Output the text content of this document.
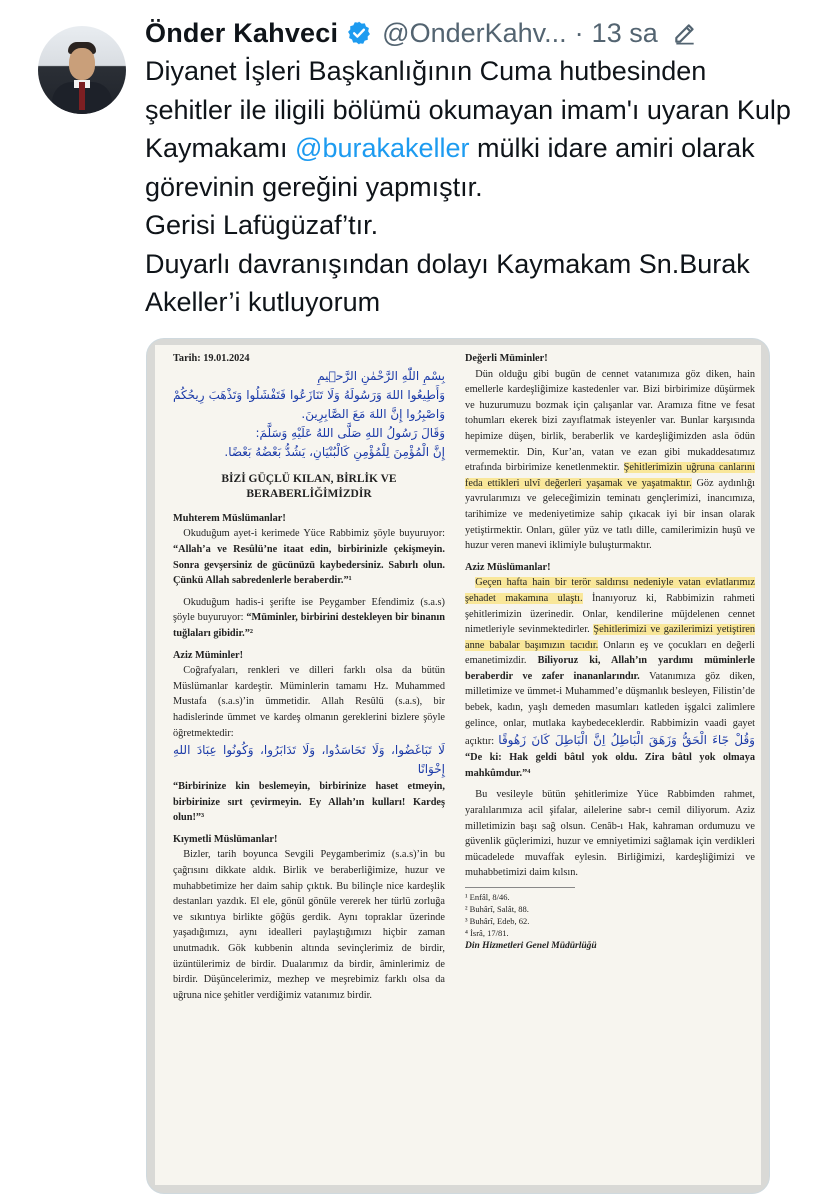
Önder Kahveci @OnderKahv... · 13 sa

Diyanet İşleri Başkanlığının Cuma hutbesinden şehitler ile iligili bölümü okumayan imam'ı uyaran Kulp Kaymakamı @burakakeller mülki idare amiri olarak görevinin gereğini yapmıştır.

Gerisi Lafügüzaf’tır.

Duyarlı davranışından dolayı Kaymakam Sn.Burak Akeller’i kutluyorum

Tarih: 19.01.2024

بِسْمِ اللّٰهِ الرَّحْمٰنِ الرَّح۪يمِ

وَأَطِيعُوا اللهَ وَرَسُولَهُ وَلَا تَنَازَعُوا فَتَفْشَلُوا وَتَذْهَبَ رِيحُكُمْ وَاصْبِرُوا إِنَّ اللهَ مَعَ الصَّابِرِينَ.

وَقَالَ رَسُولُ اللهِ صَلَّى اللهُ عَلَيْهِ وَسَلَّمَ:

إِنَّ الْمُؤْمِنَ لِلْمُؤْمِنِ كَالْبُنْيَانِ، يَشُدُّ بَعْضُهُ بَعْضًا.

BİZİ GÜÇLÜ KILAN, BİRLİK VE BERABERLİĞİMİZDİR

Muhterem Müslümanlar!

 Okuduğum ayet-i kerimede Yüce Rabbimiz şöyle buyuruyor: “Allah’a ve Resûlü’ne itaat edin, birbirinizle çekişmeyin. Sonra gevşersiniz de gücünüzü kaybedersiniz. Sabırlı olun. Çünkü Allah sabredenlerle beraberdir.”¹

 Okuduğum hadis-i şerifte ise Peygamber Efendimiz (s.a.s) şöyle buyuruyor: “Müminler, birbirini destekleyen bir binanın tuğlaları gibidir.”²

Aziz Müminler!

 Coğrafyaları, renkleri ve dilleri farklı olsa da bütün Müslümanlar kardeştir. Müminlerin tamamı Hz. Muhammed Mustafa (s.a.s)’in ümmetidir. Allah Resûlü (s.a.s), bir hadislerinde ümmet ve kardeş olmanın gereklerini bizlere şöyle öğretmektedir:

لَا تَبَاغَضُوا، وَلَا تَحَاسَدُوا، وَلَا تَدَابَرُوا، وَكُونُوا عِبَادَ اللهِ إِخْوَانًا

“Birbirinize kin beslemeyin, birbirinize haset etmeyin, birbirinize sırt çevirmeyin. Ey Allah’ın kulları! Kardeş olun!”³

Kıymetli Müslümanlar!

 Bizler, tarih boyunca Sevgili Peygamberimiz (s.a.s)’in bu çağrısını dikkate aldık. Birlik ve beraberliğimize, huzur ve muhabbetimize her daim sahip çıktık. Bu bilinçle nice kardeşlik destanları yazdık. El ele, gönül gönüle vererek her türlü zorluğa ve sıkıntıya birlikte göğüs gerdik. Aynı topraklar üzerinde yaşadığımızı, aynı idealleri paylaştığımızı hiçbir zaman unutmadık. Gök kubbenin altında sevinçlerimiz de birdir, üzüntülerimiz de birdir. Dualarımız da birdir, âminlerimiz de birdir. Düşüncelerimiz, mezhep ve meşrebimiz farklı olsa da uğruna nice şehitler verdiğimiz vatanımız birdir.

Değerli Müminler!

 Dün olduğu gibi bugün de cennet vatanımıza göz diken, hain emellerle kardeşliğimize kastedenler var. Bizi birbirimize düşürmek ve huzurumuzu bozmak için çalışanlar var. Aramıza fitne ve fesat tohumları ekerek bizi zayıflatmak isteyenler var. Bunlar karşısında hepimize düşen, birlik, beraberlik ve kardeşliğimizden asla ödün vermemektir. Din, Kur’an, vatan ve ezan gibi mukaddesatımız etrafında birbirimize kenetlenmektir. Şehitlerimizin uğruna canlarını feda ettikleri ulvî değerleri yaşamak ve yaşatmaktır. Göz aydınlığı yavrularımızı ve geleceğimizin teminatı gençlerimizi, inancımıza, tarihimize ve medeniyetimize sahip çıkacak iyi bir insan olarak yetiştirmektir. Onları, güler yüz ve tatlı dille, camilerimizin huşû ve huzur veren manevi iklimiyle buluşturmaktır.

Aziz Müslümanlar!

 Geçen hafta hain bir terör saldırısı nedeniyle vatan evlatlarımız şehadet makamına ulaştı. İnanıyoruz ki, Rabbimizin rahmeti şehitlerimizin üzerinedir. Onlar, kendilerine müjdelenen cennet nimetleriyle sevinmektedirler. Şehitlerimizi ve gazilerimizi yetiştiren anne babalar başımızın tacıdır. Onların eş ve çocukları en değerli emanetimizdir. Biliyoruz ki, Allah’ın yardımı müminlerle beraberdir ve zafer inananlarındır. Vatanımıza göz diken, milletimize ve ümmet-i Muhammed’e düşmanlık besleyen, Filistin’de bebek, kadın, yaşlı demeden masumları katleden işgalci zalimlere gelince, onlar, mutlaka kaybedeceklerdir. Rabbimizin vaadi gayet açıktır: وَقُلْ جَٓاءَ الْحَقُّ وَزَهَقَ الْبَاطِلُ اِنَّ الْبَاطِلَ كَانَ زَهُوقًا “De ki: Hak geldi bâtıl yok oldu. Zira bâtıl yok olmaya mahkûmdur.”⁴

 Bu vesileyle bütün şehitlerimize Yüce Rabbimden rahmet, yaralılarımıza acil şifalar, ailelerine sabr-ı cemil diliyorum. Aziz milletimizin başı sağ olsun. Cenâb-ı Hak, kahraman ordumuzu ve güvenlik güçlerimizi, huzur ve emniyetimizi sağlamak için verdikleri mücadelede muvaffak eylesin. Birliğimizi, kardeşliğimizi ve muhabbetimizi daim kılsın.

¹ Enfâl, 8/46.

² Buhârî, Salât, 88.

³ Buhârî, Edeb, 62.

⁴ İsrâ, 17/81.

Din Hizmetleri Genel Müdürlüğü
